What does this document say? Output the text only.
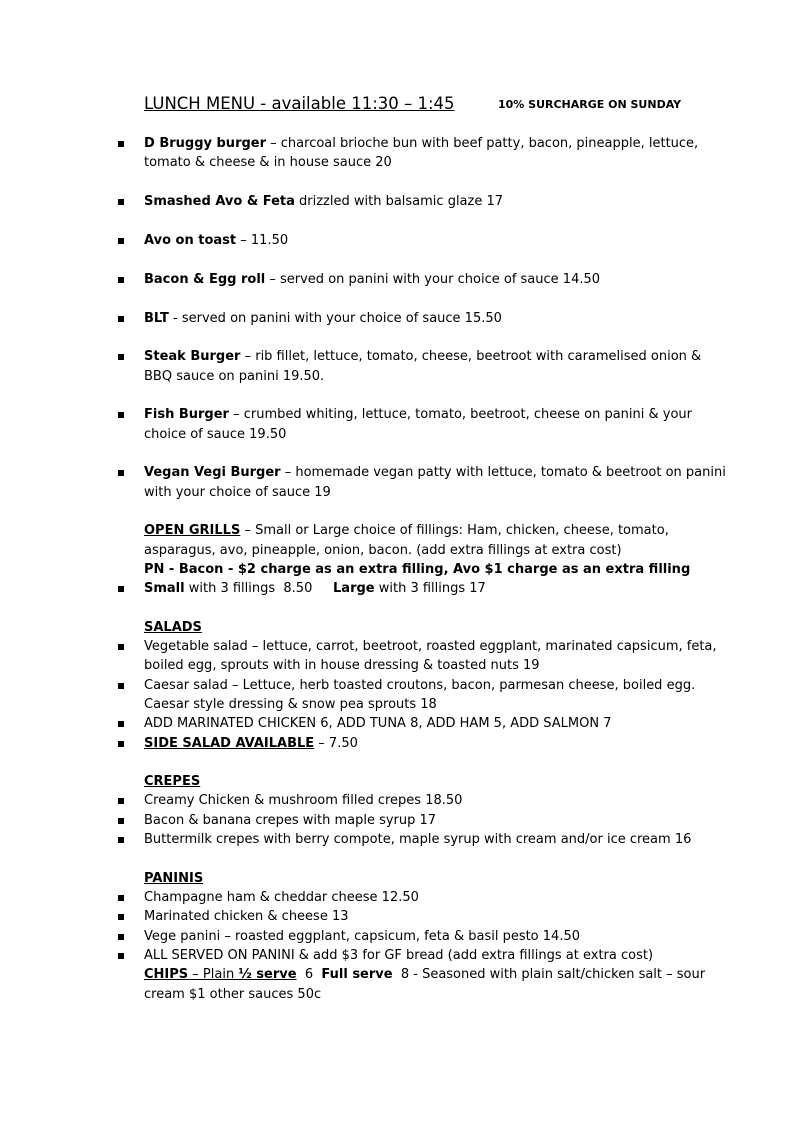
LUNCH MENU - available 11:30 – 1:45	10% SURCHARGE ON SUNDAY
D Bruggy burger – charcoal brioche bun with beef patty, bacon, pineapple, lettuce,
tomato & cheese & in house sauce 20
Smashed Avo & Feta drizzled with balsamic glaze 17
Avo on toast – 11.50
Bacon & Egg roll – served on panini with your choice of sauce 14.50
BLT - served on panini with your choice of sauce 15.50
Steak Burger – rib fillet, lettuce, tomato, cheese, beetroot with caramelised onion &
BBQ sauce on panini 19.50.
Fish Burger – crumbed whiting, lettuce, tomato, beetroot, cheese on panini & your
choice of sauce 19.50
Vegan Vegi Burger – homemade vegan patty with lettuce, tomato & beetroot on panini
with your choice of sauce 19
OPEN GRILLS – Small or Large choice of fillings: Ham, chicken, cheese, tomato,
asparagus, avo, pineapple, onion, bacon. (add extra fillings at extra cost)
PN - Bacon - $2 charge as an extra filling, Avo $1 charge as an extra filling
Small with 3 fillings  8.50     Large with 3 fillings 17
SALADS
Vegetable salad – lettuce, carrot, beetroot, roasted eggplant, marinated capsicum, feta,
boiled egg, sprouts with in house dressing & toasted nuts 19
Caesar salad – Lettuce, herb toasted croutons, bacon, parmesan cheese, boiled egg.
Caesar style dressing & snow pea sprouts 18
ADD MARINATED CHICKEN 6, ADD TUNA 8, ADD HAM 5, ADD SALMON 7
SIDE SALAD AVAILABLE – 7.50
CREPES
Creamy Chicken & mushroom filled crepes 18.50
Bacon & banana crepes with maple syrup 17
Buttermilk crepes with berry compote, maple syrup with cream and/or ice cream 16
PANINIS
Champagne ham & cheddar cheese 12.50
Marinated chicken & cheese 13
Vege panini – roasted eggplant, capsicum, feta & basil pesto 14.50
ALL SERVED ON PANINI & add $3 for GF bread (add extra fillings at extra cost)
CHIPS – Plain ½ serve  6  Full serve  8 - Seasoned with plain salt/chicken salt – sour
cream $1 other sauces 50c
